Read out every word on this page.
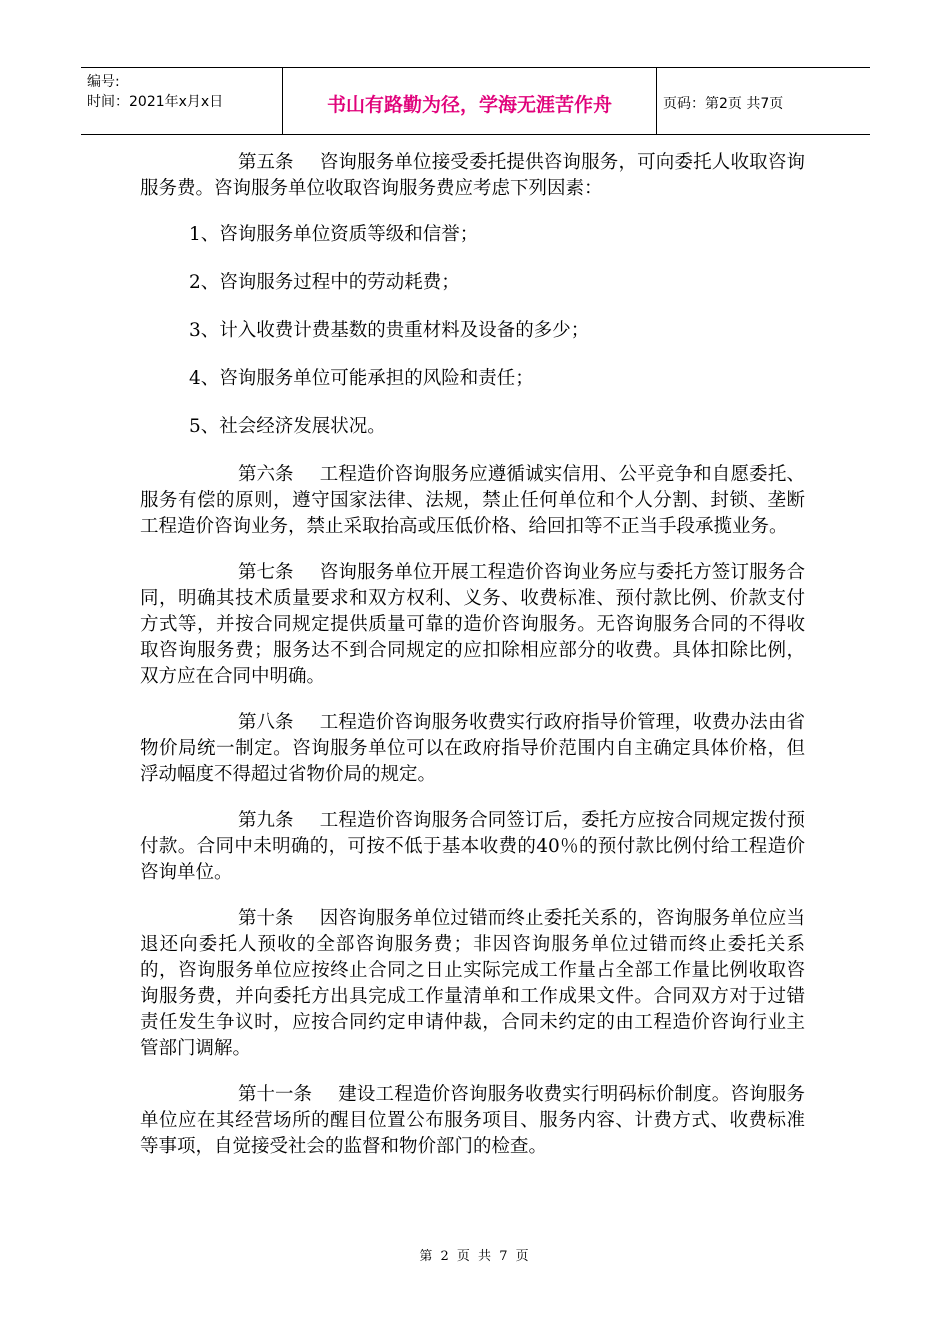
编号:
时间：2021年x月x日	书山有路勤为径，学海无涯苦作舟	页码：第2页 共7页

第五条 咨询服务单位接受委托提供咨询服务，可向委托人收取咨询服务费。咨询服务单位收取咨询服务费应考虑下列因素：

1、咨询服务单位资质等级和信誉；

2、咨询服务过程中的劳动耗费；

3、计入收费计费基数的贵重材料及设备的多少；

4、咨询服务单位可能承担的风险和责任；

5、社会经济发展状况。

第六条 工程造价咨询服务应遵循诚实信用、公平竞争和自愿委托、服务有偿的原则，遵守国家法律、法规，禁止任何单位和个人分割、封锁、垄断工程造价咨询业务，禁止采取抬高或压低价格、给回扣等不正当手段承揽业务。

第七条 咨询服务单位开展工程造价咨询业务应与委托方签订服务合同，明确其技术质量要求和双方权利、义务、收费标准、预付款比例、价款支付方式等，并按合同规定提供质量可靠的造价咨询服务。无咨询服务合同的不得收取咨询服务费；服务达不到合同规定的应扣除相应部分的收费。具体扣除比例，双方应在合同中明确。

第八条 工程造价咨询服务收费实行政府指导价管理，收费办法由省物价局统一制定。咨询服务单位可以在政府指导价范围内自主确定具体价格，但浮动幅度不得超过省物价局的规定。

第九条 工程造价咨询服务合同签订后，委托方应按合同规定拨付预付款。合同中未明确的，可按不低于基本收费的40％的预付款比例付给工程造价咨询单位。

第十条 因咨询服务单位过错而终止委托关系的，咨询服务单位应当退还向委托人预收的全部咨询服务费；非因咨询服务单位过错而终止委托关系的，咨询服务单位应按终止合同之日止实际完成工作量占全部工作量比例收取咨询服务费，并向委托方出具完成工作量清单和工作成果文件。合同双方对于过错责任发生争议时，应按合同约定申请仲裁，合同未约定的由工程造价咨询行业主管部门调解。

第十一条 建设工程造价咨询服务收费实行明码标价制度。咨询服务单位应在其经营场所的醒目位置公布服务项目、服务内容、计费方式、收费标准等事项，自觉接受社会的监督和物价部门的检查。

第 2 页 共 7 页
